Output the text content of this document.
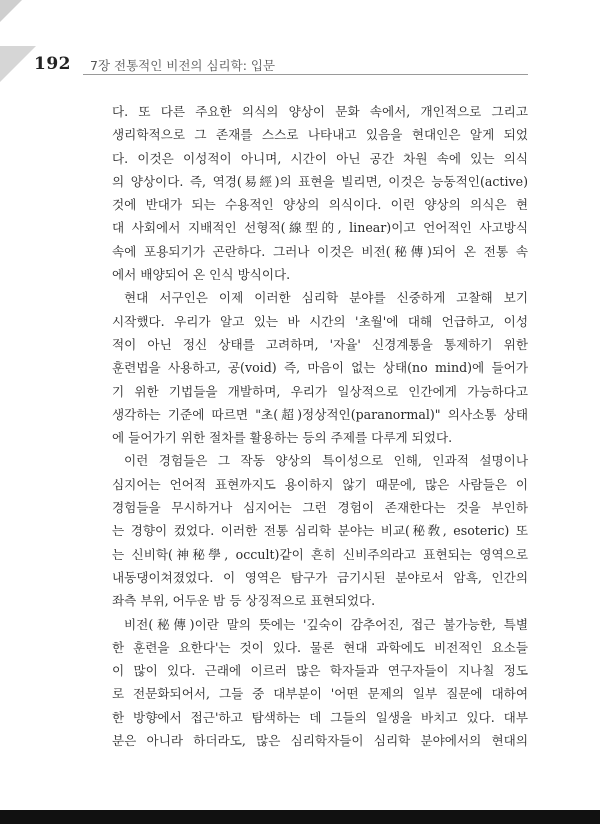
192 7장 전통적인 비전의 심리학: 입문
다. 또 다른 주요한 의식의 양상이 문화 속에서, 개인적으로 그리고
생리학적으로 그 존재를 스스로 나타내고 있음을 현대인은 알게 되었
다. 이것은 이성적이 아니며, 시간이 아닌 공간 차원 속에 있는 의식
의 양상이다. 즉, 역경(易經)의 표현을 빌리면, 이것은 능동적인(active)
것에 반대가 되는 수용적인 양상의 의식이다. 이런 양상의 의식은 현
대 사회에서 지배적인 선형적(線型的, linear)이고 언어적인 사고방식
속에 포용되기가 곤란하다. 그러나 이것은 비전(秘傳)되어 온 전통 속
에서 배양되어 온 인식 방식이다.
현대 서구인은 이제 이러한 심리학 분야를 신중하게 고찰해 보기
시작했다. 우리가 알고 있는 바 시간의 '초월'에 대해 언급하고, 이성
적이 아닌 정신 상태를 고려하며, '자율' 신경계통을 통제하기 위한
훈련법을 사용하고, 공(void) 즉, 마음이 없는 상태(no mind)에 들어가
기 위한 기법들을 개발하며, 우리가 일상적으로 인간에게 가능하다고
생각하는 기준에 따르면 "초(超)정상적인(paranormal)" 의사소통 상태
에 들어가기 위한 절차를 활용하는 등의 주제를 다루게 되었다.
이런 경험들은 그 작동 양상의 특이성으로 인해, 인과적 설명이나
심지어는 언어적 표현까지도 용이하지 않기 때문에, 많은 사람들은 이
경험들을 무시하거나 심지어는 그런 경험이 존재한다는 것을 부인하
는 경향이 컸었다. 이러한 전통 심리학 분야는 비교(秘敎, esoteric) 또
는 신비학(神秘學, occult)같이 흔히 신비주의라고 표현되는 영역으로
내동댕이쳐졌었다. 이 영역은 탐구가 금기시된 분야로서 암흑, 인간의
좌측 부위, 어두운 밤 등 상징적으로 표현되었다.
비전(秘傳)이란 말의 뜻에는 '깊숙이 감추어진, 접근 불가능한, 특별
한 훈련을 요한다'는 것이 있다. 물론 현대 과학에도 비전적인 요소들
이 많이 있다. 근래에 이르러 많은 학자들과 연구자들이 지나칠 정도
로 전문화되어서, 그들 중 대부분이 '어떤 문제의 일부 질문에 대하여
한 방향에서 접근'하고 탐색하는 데 그들의 일생을 바치고 있다. 대부
분은 아니라 하더라도, 많은 심리학자들이 심리학 분야에서의 현대의
